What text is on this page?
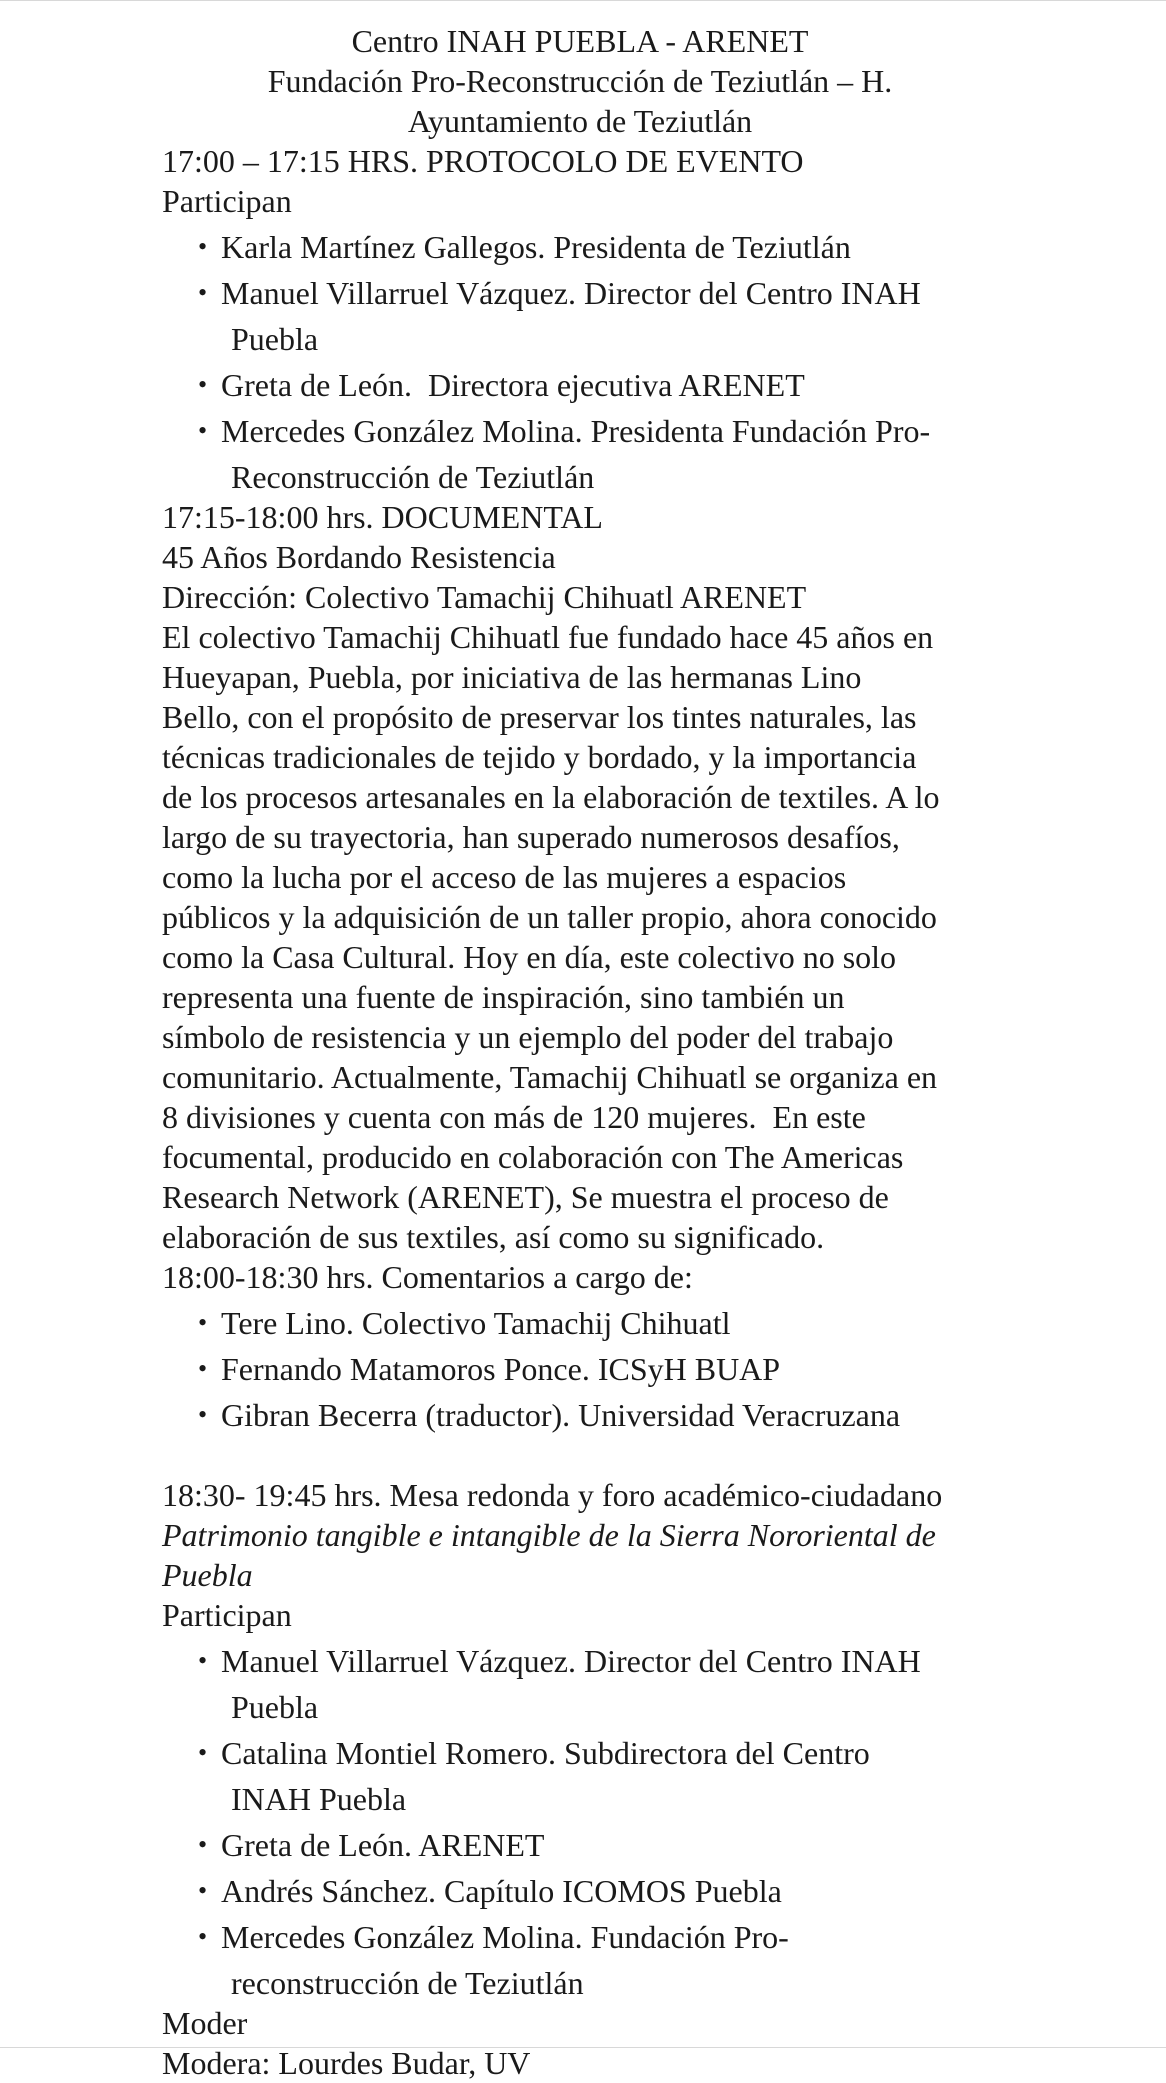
Centro INAH PUEBLA - ARENET
Fundación Pro-Reconstrucción de Teziutlán – H.
Ayuntamiento de Teziutlán
17:00 – 17:15 HRS. PROTOCOLO DE EVENTO
Participan
• Karla Martínez Gallegos. Presidenta de Teziutlán
• Manuel Villarruel Vázquez. Director del Centro INAH
Puebla
• Greta de León.  Directora ejecutiva ARENET
• Mercedes González Molina. Presidenta Fundación Pro-
Reconstrucción de Teziutlán
17:15-18:00 hrs. DOCUMENTAL
45 Años Bordando Resistencia
Dirección: Colectivo Tamachij Chihuatl ARENET
El colectivo Tamachij Chihuatl fue fundado hace 45 años en
Hueyapan, Puebla, por iniciativa de las hermanas Lino
Bello, con el propósito de preservar los tintes naturales, las
técnicas tradicionales de tejido y bordado, y la importancia
de los procesos artesanales en la elaboración de textiles. A lo
largo de su trayectoria, han superado numerosos desafíos,
como la lucha por el acceso de las mujeres a espacios
públicos y la adquisición de un taller propio, ahora conocido
como la Casa Cultural. Hoy en día, este colectivo no solo
representa una fuente de inspiración, sino también un
símbolo de resistencia y un ejemplo del poder del trabajo
comunitario. Actualmente, Tamachij Chihuatl se organiza en
8 divisiones y cuenta con más de 120 mujeres.  En este
focumental, producido en colaboración con The Americas
Research Network (ARENET), Se muestra el proceso de
elaboración de sus textiles, así como su significado.
18:00-18:30 hrs. Comentarios a cargo de:
• Tere Lino. Colectivo Tamachij Chihuatl
• Fernando Matamoros Ponce. ICSyH BUAP
• Gibran Becerra (traductor). Universidad Veracruzana
18:30- 19:45 hrs. Mesa redonda y foro académico-ciudadano
Patrimonio tangible e intangible de la Sierra Nororiental de
Puebla
Participan
• Manuel Villarruel Vázquez. Director del Centro INAH
Puebla
• Catalina Montiel Romero. Subdirectora del Centro
INAH Puebla
• Greta de León. ARENET
• Andrés Sánchez. Capítulo ICOMOS Puebla
• Mercedes González Molina. Fundación Pro-
reconstrucción de Teziutlán
Moder
Modera: Lourdes Budar, UV
